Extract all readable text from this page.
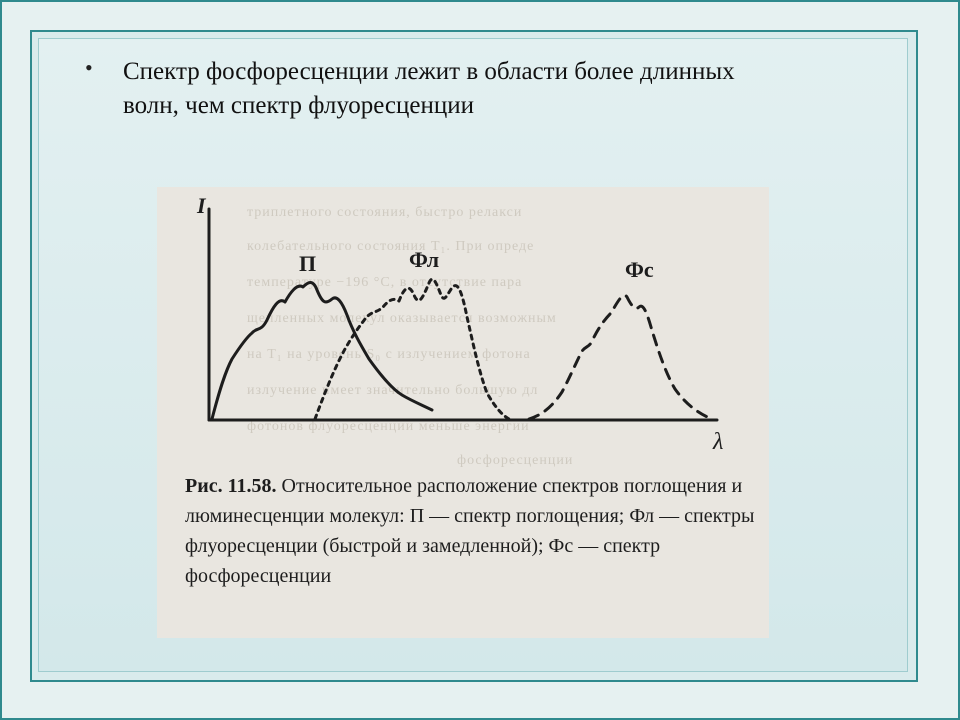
• Спектр фосфоресценции лежит в области более длинных волн, чем спектр флуоресценции
триплетного состояния, быстро релакси
колебательного состояния T₁. При опреде
температуре −196 °С, в отсутствие пара
щепленных молекул оказывается возможным
на T₁ на уровень S₀ с излучением фотона
излучение имеет значительно большую дл
фотонов флуоресценции меньше энергии
фосфоресценции
I
λ
П	Фл	Фс
Рис. 11.58. Относительное расположение спектров поглощения и люминесценции молекул: П — спектр поглощения; Фл — спектры флуоресценции (быстрой и замедленной); Фс — спектр фосфоресценции
